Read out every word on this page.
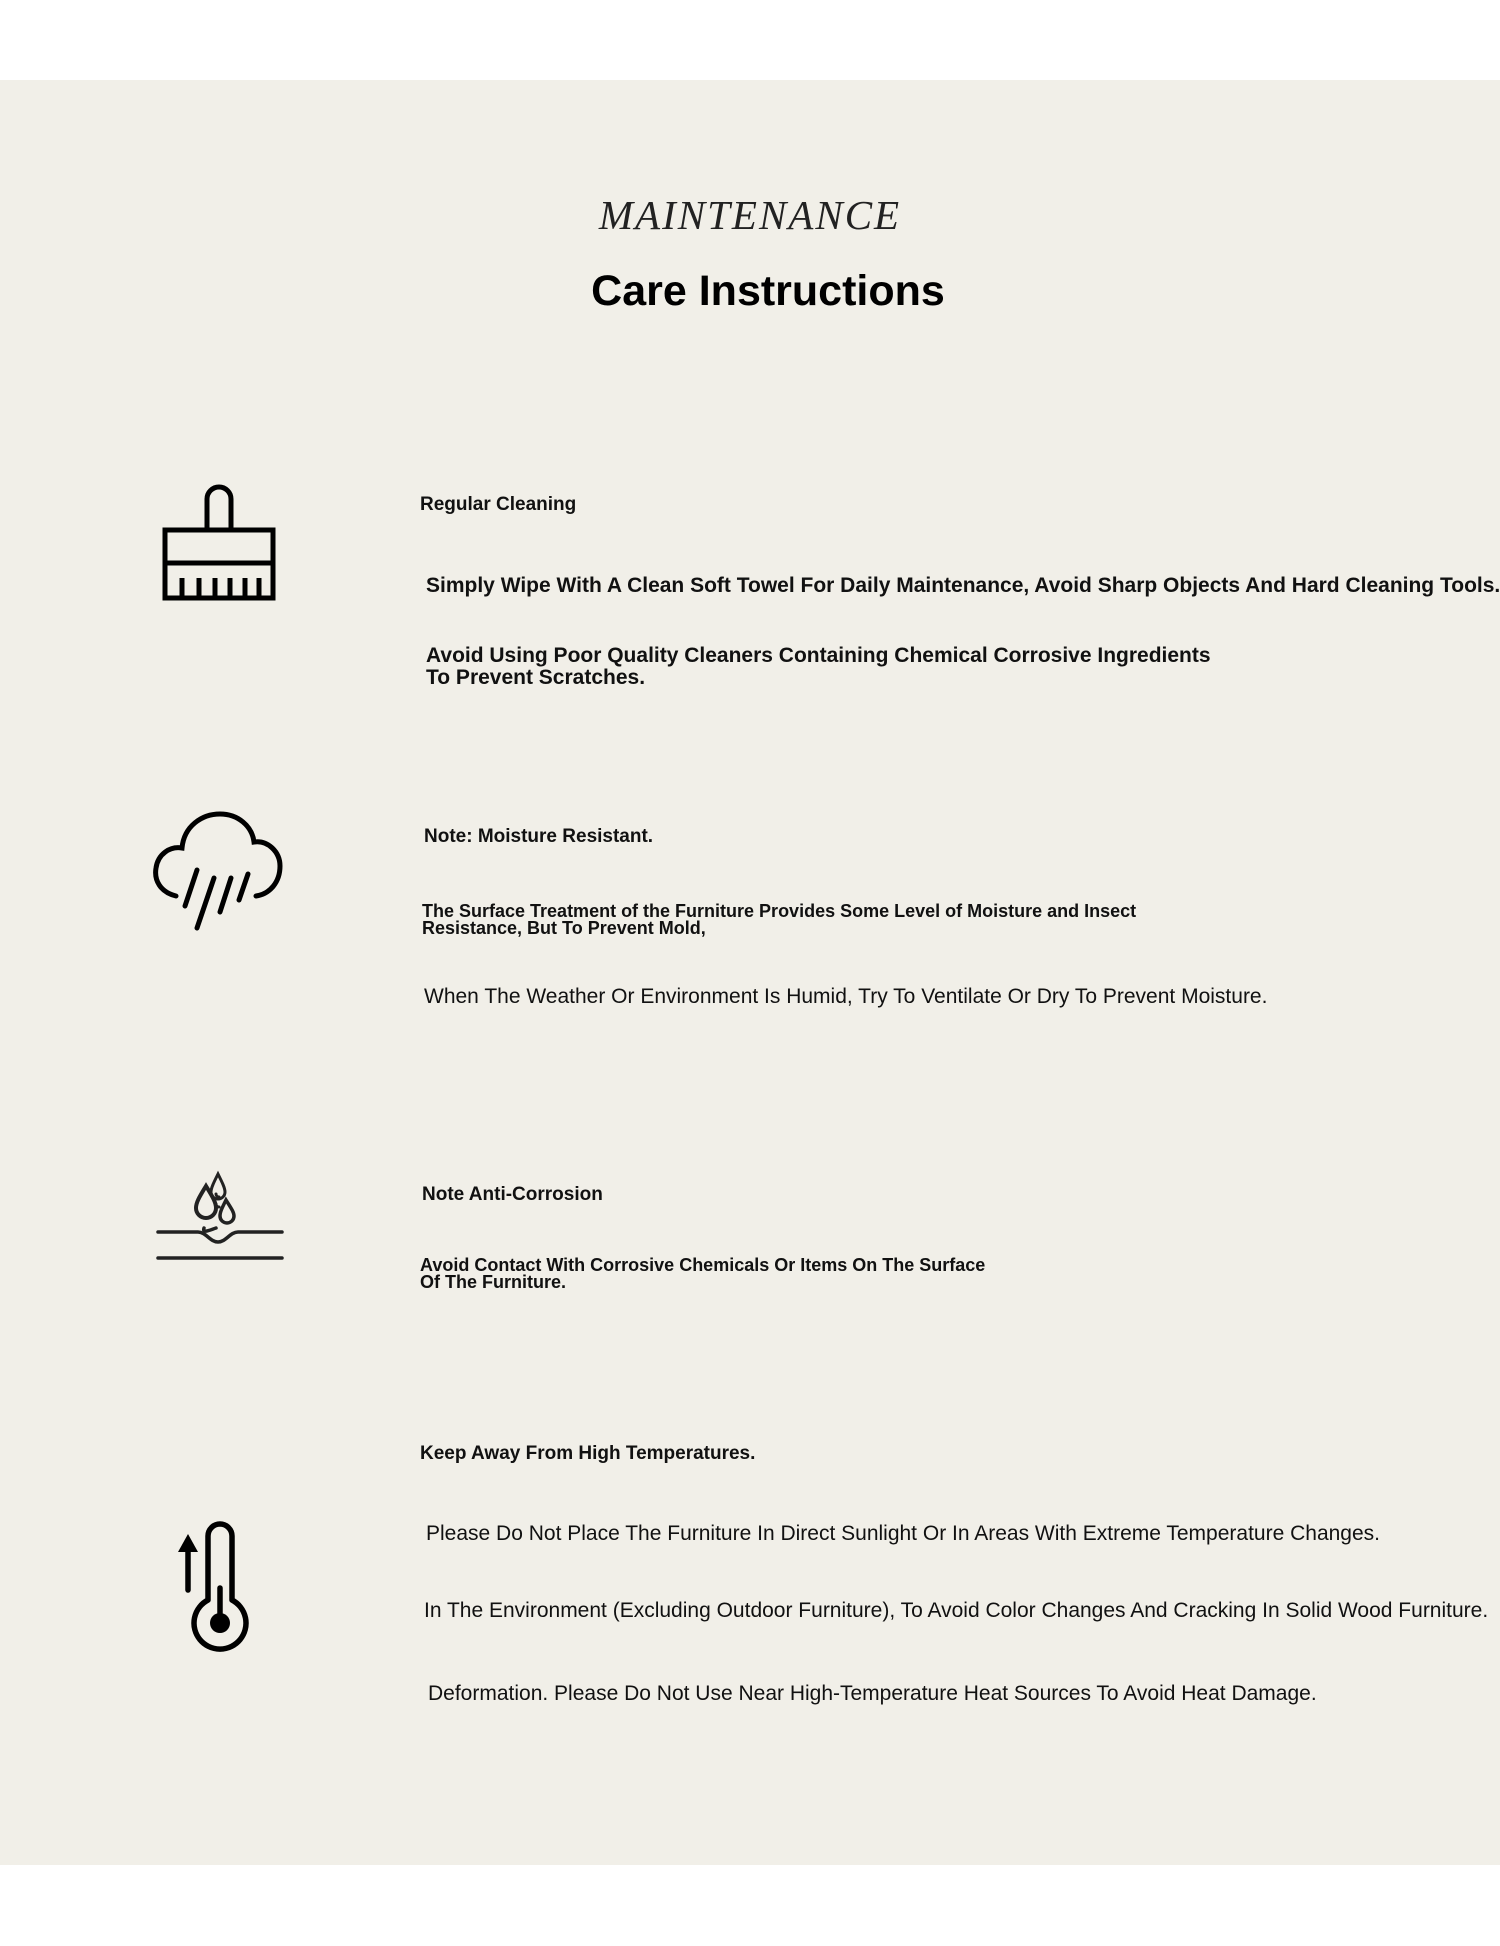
MAINTENANCE
Care Instructions
Regular Cleaning
Simply Wipe With A Clean Soft Towel For Daily Maintenance, Avoid Sharp Objects And Hard Cleaning Tools.
Avoid Using Poor Quality Cleaners Containing Chemical Corrosive Ingredients
To Prevent Scratches.
Note: Moisture Resistant.
The Surface Treatment of the Furniture Provides Some Level of Moisture and Insect
Resistance, But To Prevent Mold,
When The Weather Or Environment Is Humid, Try To Ventilate Or Dry To Prevent Moisture.
Note Anti-Corrosion
Avoid Contact With Corrosive Chemicals Or Items On The Surface
Of The Furniture.
Keep Away From High Temperatures.
Please Do Not Place The Furniture In Direct Sunlight Or In Areas With Extreme Temperature Changes.
In The Environment (Excluding Outdoor Furniture), To Avoid Color Changes And Cracking In Solid Wood Furniture.
Deformation. Please Do Not Use Near High-Temperature Heat Sources To Avoid Heat Damage.
